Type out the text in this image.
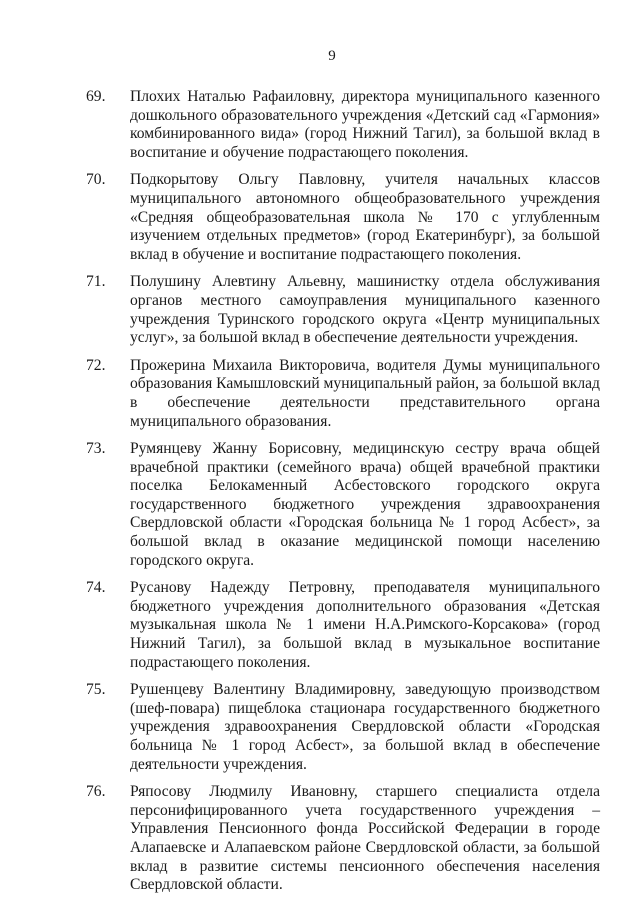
9
69.	Плохих Наталью Рафаиловну, директора муниципального казенного дошкольного образовательного учреждения «Детский сад «Гармония» комбинированного вида» (город Нижний Тагил), за большой вклад в воспитание и обучение подрастающего поколения.
70.	Подкорытову Ольгу Павловну, учителя начальных классов муниципального автономного общеобразовательного учреждения «Средняя общеобразовательная школа № 170 с углубленным изучением отдельных предметов» (город Екатеринбург), за большой вклад в обучение и воспитание подрастающего поколения.
71.	Полушину Алевтину Альевну, машинистку отдела обслуживания органов местного самоуправления муниципального казенного учреждения Туринского городского округа «Центр муниципальных услуг», за большой вклад в обеспечение деятельности учреждения.
72.	Прожерина Михаила Викторовича, водителя Думы муниципального образования Камышловский муниципальный район, за большой вклад в обеспечение деятельности представительного органа муниципального образования.
73.	Румянцеву Жанну Борисовну, медицинскую сестру врача общей врачебной практики (семейного врача) общей врачебной практики поселка Белокаменный Асбестовского городского округа государственного бюджетного учреждения здравоохранения Свердловской области «Городская больница № 1 город Асбест», за большой вклад в оказание медицинской помощи населению городского округа.
74.	Русанову Надежду Петровну, преподавателя муниципального бюджетного учреждения дополнительного образования «Детская музыкальная школа № 1 имени Н.А.Римского-Корсакова» (город Нижний Тагил), за большой вклад в музыкальное воспитание подрастающего поколения.
75.	Рушенцеву Валентину Владимировну, заведующую производством (шеф-повара) пищеблока стационара государственного бюджетного учреждения здравоохранения Свердловской области «Городская больница № 1 город Асбест», за большой вклад в обеспечение деятельности учреждения.
76.	Ряпосову Людмилу Ивановну, старшего специалиста отдела персонифицированного учета государственного учреждения – Управления Пенсионного фонда Российской Федерации в городе Алапаевске и Алапаевском районе Свердловской области, за большой вклад в развитие системы пенсионного обеспечения населения Свердловской области.
